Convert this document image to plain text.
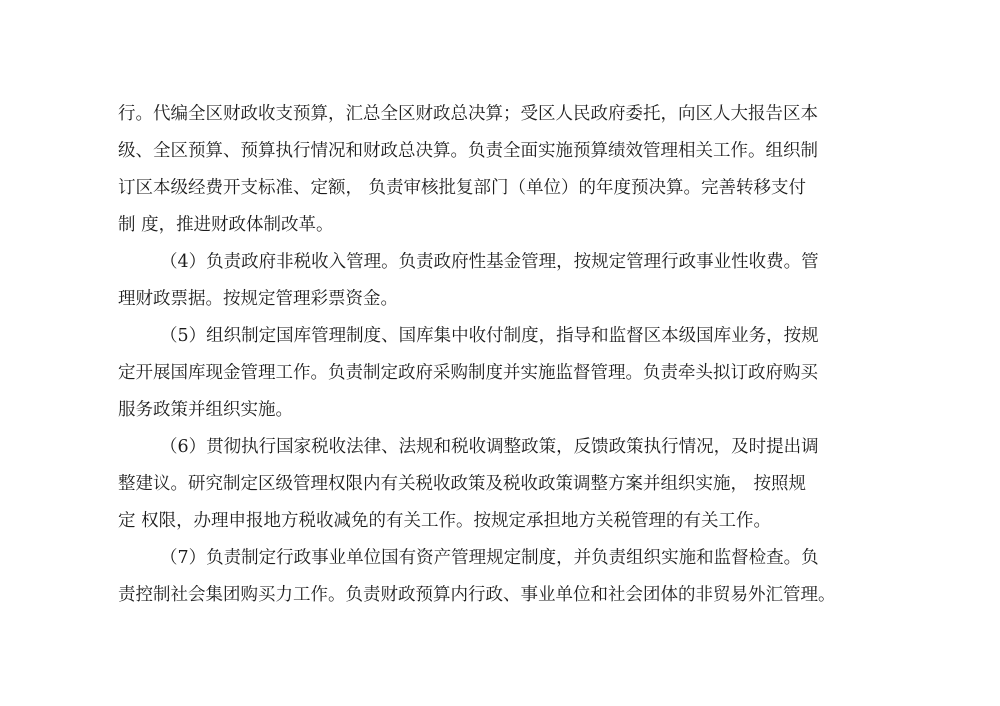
行。代编全区财政收支预算，汇总全区财政总决算；受区人民政府委托，向区人大报告区本
级、全区预算、预算执行情况和财政总决算。负责全面实施预算绩效管理相关工作。组织制
订区本级经费开支标准、定额， 负责审核批复部门（单位）的年度预决算。完善转移支付
制 度，推进财政体制改革。
（4）负责政府非税收入管理。负责政府性基金管理，按规定管理行政事业性收费。管
理财政票据。按规定管理彩票资金。
（5）组织制定国库管理制度、国库集中收付制度，指导和监督区本级国库业务，按规
定开展国库现金管理工作。负责制定政府采购制度并实施监督管理。负责牵头拟订政府购买
服务政策并组织实施。
（6）贯彻执行国家税收法律、法规和税收调整政策，反馈政策执行情况，及时提出调
整建议。研究制定区级管理权限内有关税收政策及税收政策调整方案并组织实施， 按照规
定 权限，办理申报地方税收减免的有关工作。按规定承担地方关税管理的有关工作。
（7）负责制定行政事业单位国有资产管理规定制度，并负责组织实施和监督检查。负
责控制社会集团购买力工作。负责财政预算内行政、事业单位和社会团体的非贸易外汇管理。
